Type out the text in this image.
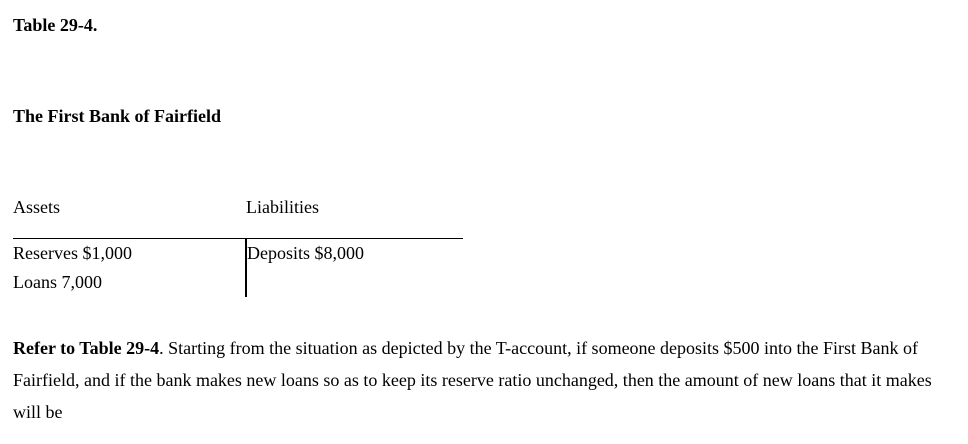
Table 29-4.
The First Bank of Fairfield
Assets	Liabilities
Reserves $1,000
Loans 7,000
Deposits $8,000
Refer to Table 29-4. Starting from the situation as depicted by the T-account, if someone deposits $500 into the First Bank of Fairfield, and if the bank makes new loans so as to keep its reserve ratio unchanged, then the amount of new loans that it makes will be
